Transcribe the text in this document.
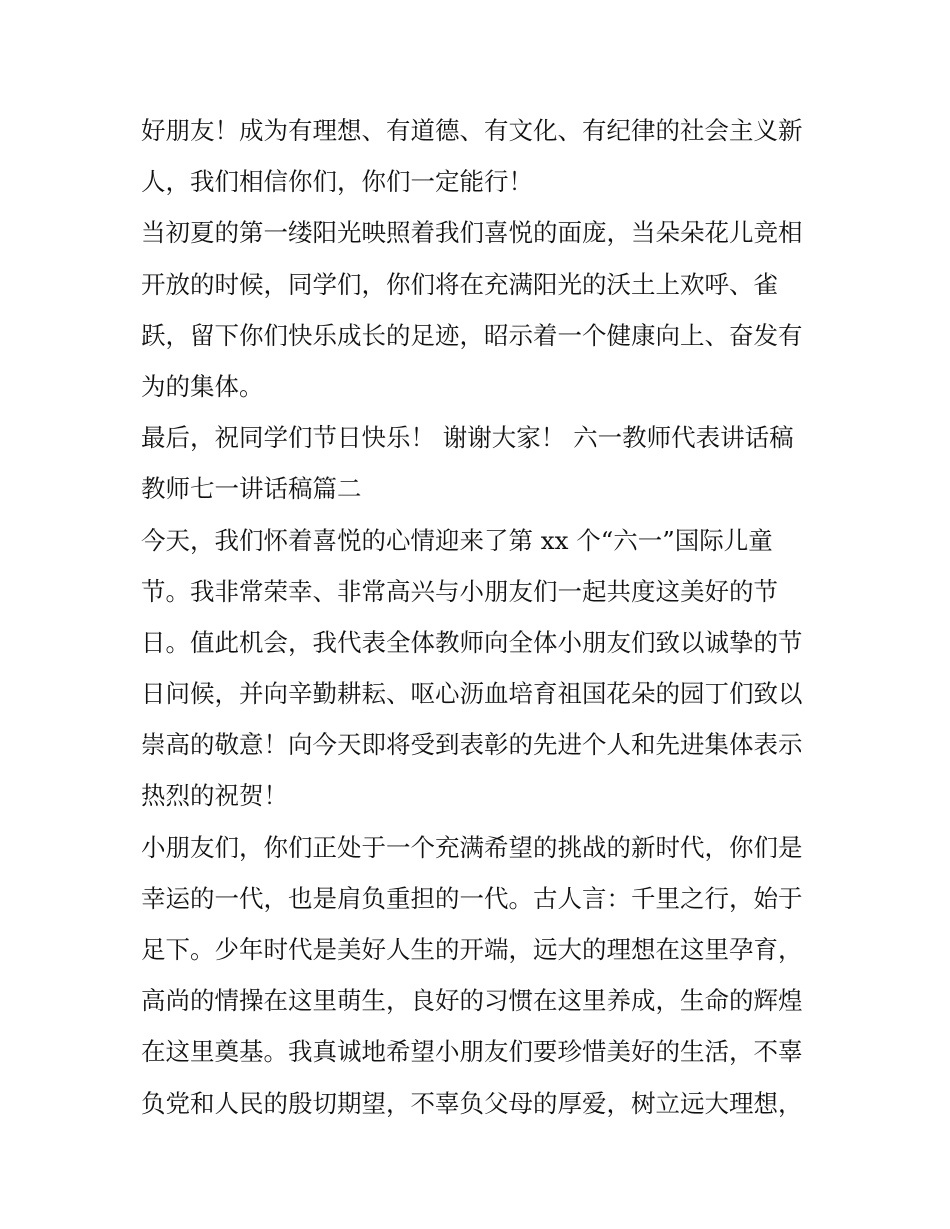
好朋友！成为有理想、有道德、有文化、有纪律的社会主义新
人，我们相信你们，你们一定能行！
当初夏的第一缕阳光映照着我们喜悦的面庞，当朵朵花儿竞相
开放的时候，同学们，你们将在充满阳光的沃土上欢呼、雀
跃，留下你们快乐成长的足迹，昭示着一个健康向上、奋发有
为的集体。
最后，祝同学们节日快乐！ 谢谢大家！ 六一教师代表讲话稿
教师七一讲话稿篇二
今天，我们怀着喜悦的心情迎来了第 xx 个“六一”国际儿童
节。我非常荣幸、非常高兴与小朋友们一起共度这美好的节
日。值此机会，我代表全体教师向全体小朋友们致以诚挚的节
日问候，并向辛勤耕耘、呕心沥血培育祖国花朵的园丁们致以
崇高的敬意！向今天即将受到表彰的先进个人和先进集体表示
热烈的祝贺！
小朋友们，你们正处于一个充满希望的挑战的新时代，你们是
幸运的一代，也是肩负重担的一代。古人言：千里之行，始于
足下。少年时代是美好人生的开端，远大的理想在这里孕育，
高尚的情操在这里萌生，良好的习惯在这里养成，生命的辉煌
在这里奠基。我真诚地希望小朋友们要珍惜美好的生活，不辜
负党和人民的殷切期望，不辜负父母的厚爱，树立远大理想，
